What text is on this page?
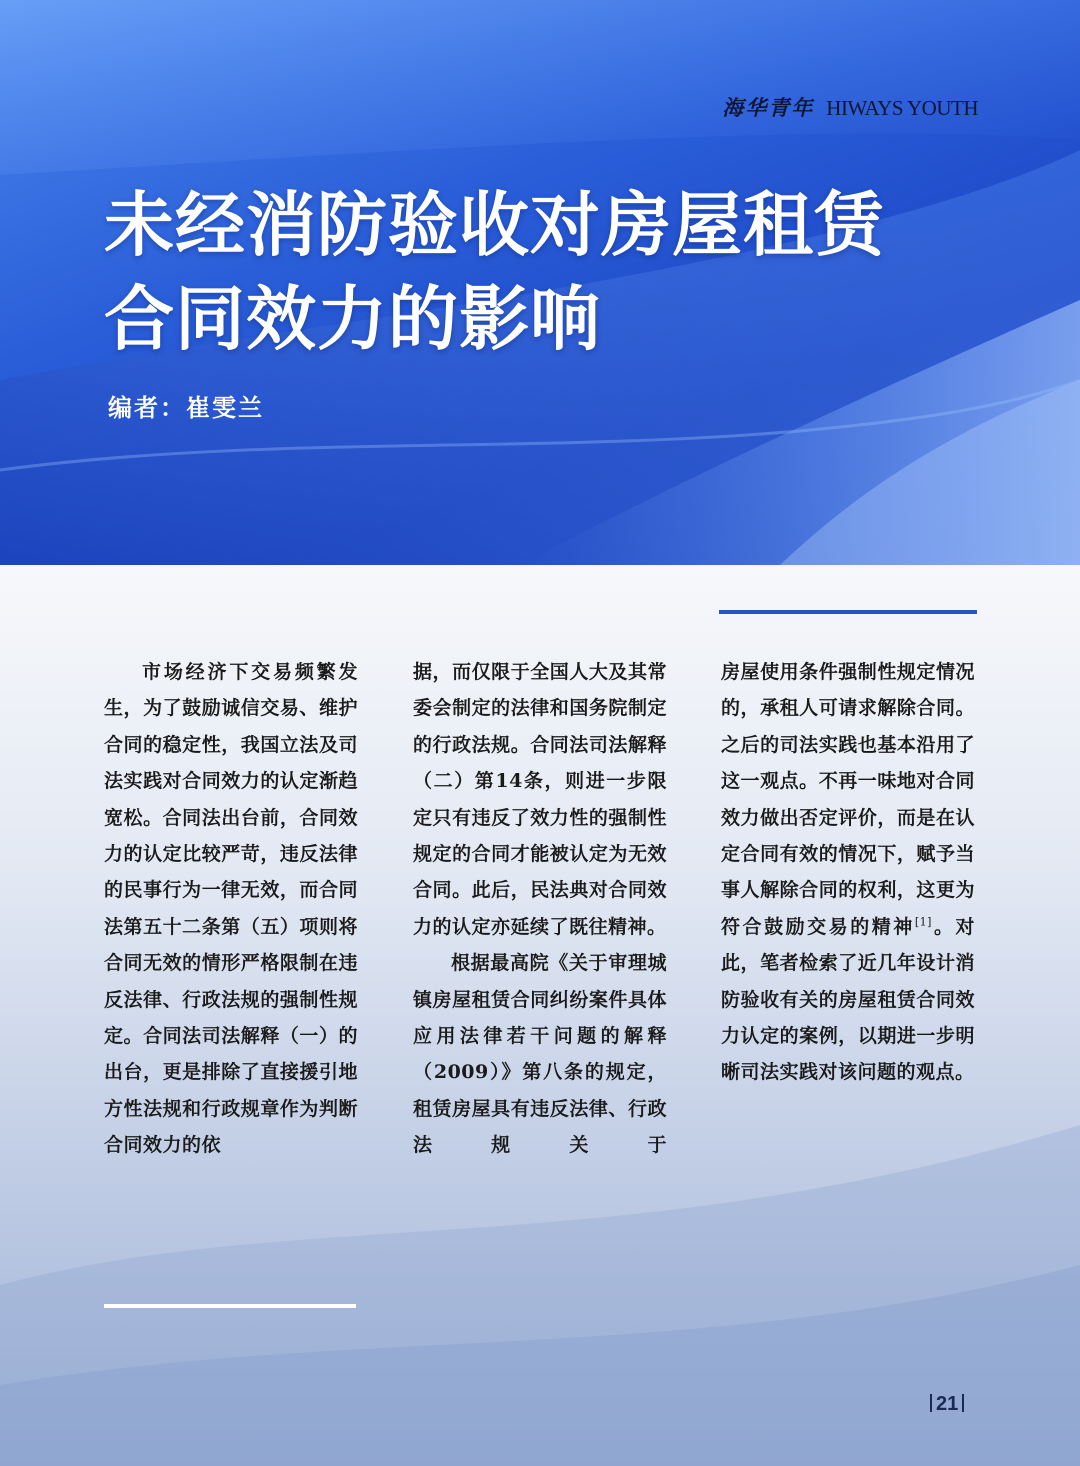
海华青年 HIWAYS YOUTH
未经消防验收对房屋租赁
合同效力的影响
编者：崔雯兰

市场经济下交易频繁发生，为了鼓励诚信交易、维护合同的稳定性，我国立法及司法实践对合同效力的认定渐趋宽松。合同法出台前，合同效力的认定比较严苛，违反法律的民事行为一律无效，而合同法第五十二条第（五）项则将合同无效的情形严格限制在违反法律、行政法规的强制性规定。合同法司法解释（一）的出台，更是排除了直接援引地方性法规和行政规章作为判断合同效力的依

据，而仅限于全国人大及其常委会制定的法律和国务院制定的行政法规。合同法司法解释（二）第14条，则进一步限定只有违反了效力性的强制性规定的合同才能被认定为无效合同。此后，民法典对合同效力的认定亦延续了既往精神。

根据最高院《关于审理城镇房屋租赁合同纠纷案件具体应用法律若干问题的解释（2009）》第八条的规定，租赁房屋具有违反法律、行政法规关于

房屋使用条件强制性规定情况的，承租人可请求解除合同。之后的司法实践也基本沿用了这一观点。不再一味地对合同效力做出否定评价，而是在认定合同有效的情况下，赋予当事人解除合同的权利，这更为符合鼓励交易的精神[1]。对此，笔者检索了近几年设计消防验收有关的房屋租赁合同效力认定的案例，以期进一步明晰司法实践对该问题的观点。

21
